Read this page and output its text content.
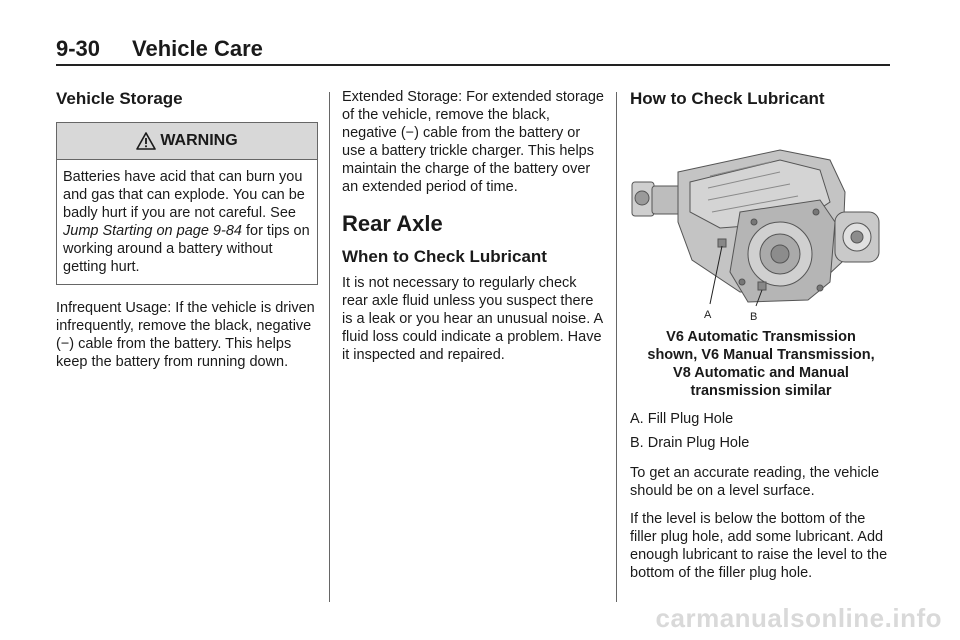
9-30 Vehicle Care
Vehicle Storage
WARNING
Batteries have acid that can burn you and gas that can explode. You can be badly hurt if you are not careful. See Jump Starting on page 9-84 for tips on working around a battery without getting hurt.

Infrequent Usage: If the vehicle is driven infrequently, remove the black, negative (−) cable from the battery. This helps keep the battery from running down.

Extended Storage: For extended storage of the vehicle, remove the black, negative (−) cable from the battery or use a battery trickle charger. This helps maintain the charge of the battery over an extended period of time.

Rear Axle
When to Check Lubricant

It is not necessary to regularly check rear axle fluid unless you suspect there is a leak or you hear an unusual noise. A fluid loss could indicate a problem. Have it inspected and repaired.

How to Check Lubricant
A	B
V6 Automatic Transmission
shown, V6 Manual Transmission,
V8 Automatic and Manual
transmission similar

A. Fill Plug Hole

B. Drain Plug Hole

To get an accurate reading, the vehicle should be on a level surface.

If the level is below the bottom of the filler plug hole, add some lubricant. Add enough lubricant to raise the level to the bottom of the filler plug hole.

carmanualsonline.info
